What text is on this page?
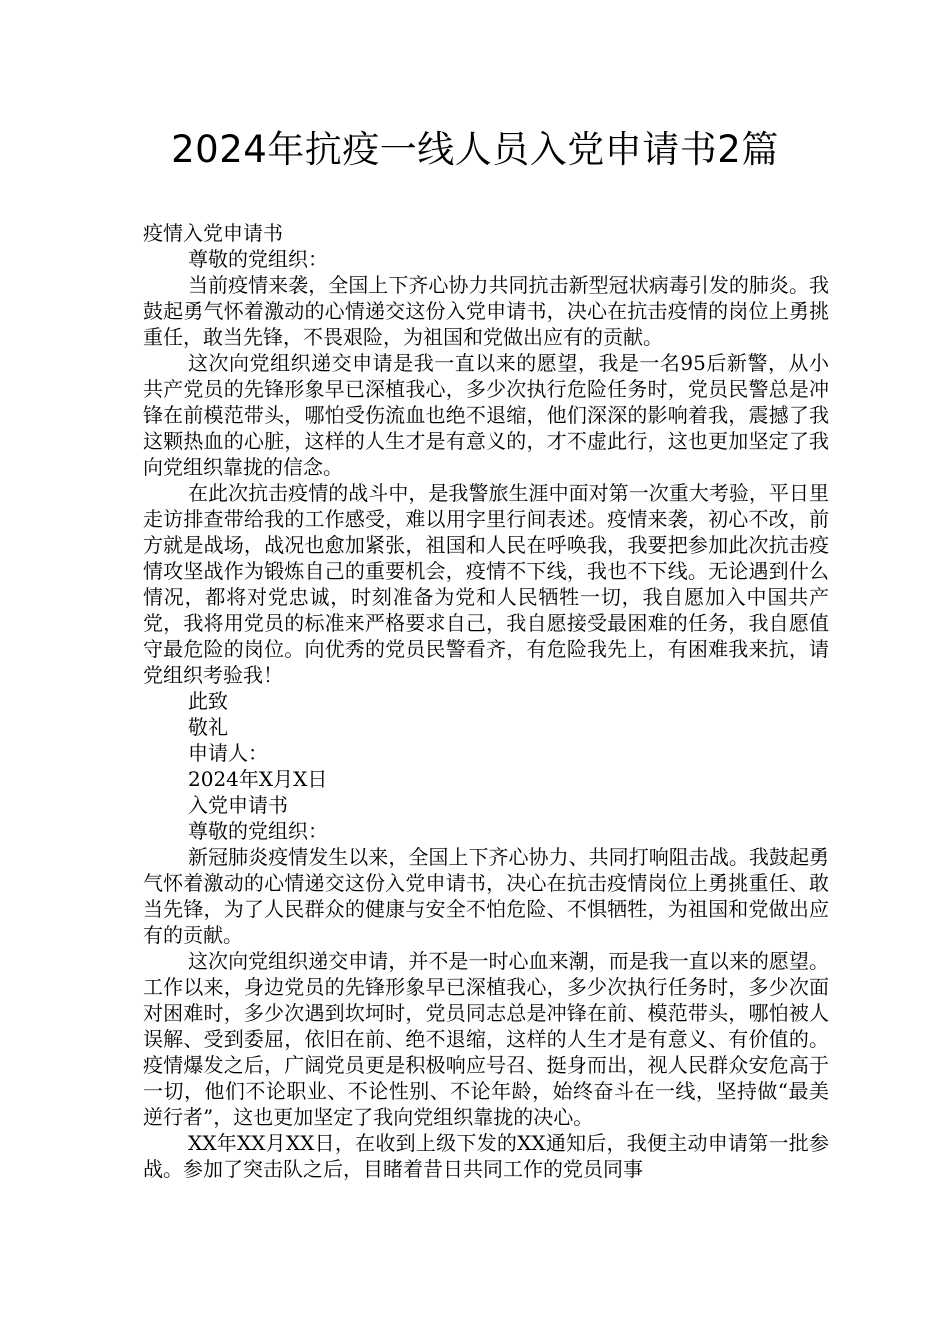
2024年抗疫一线人员入党申请书2篇

疫情入党申请书

尊敬的党组织：

当前疫情来袭，全国上下齐心协力共同抗击新型冠状病毒引发的肺炎。我鼓起勇气怀着激动的心情递交这份入党申请书，决心在抗击疫情的岗位上勇挑重任，敢当先锋，不畏艰险，为祖国和党做出应有的贡献。

这次向党组织递交申请是我一直以来的愿望，我是一名95后新警，从小共产党员的先锋形象早已深植我心，多少次执行危险任务时，党员民警总是冲锋在前模范带头，哪怕受伤流血也绝不退缩，他们深深的影响着我，震撼了我这颗热血的心脏，这样的人生才是有意义的，才不虚此行，这也更加坚定了我向党组织靠拢的信念。

在此次抗击疫情的战斗中，是我警旅生涯中面对第一次重大考验，平日里走访排查带给我的工作感受，难以用字里行间表述。疫情来袭，初心不改，前方就是战场，战况也愈加紧张，祖国和人民在呼唤我，我要把参加此次抗击疫情攻坚战作为锻炼自己的重要机会，疫情不下线，我也不下线。无论遇到什么情况，都将对党忠诚，时刻准备为党和人民牺牲一切，我自愿加入中国共产党，我将用党员的标准来严格要求自己，我自愿接受最困难的任务，我自愿值守最危险的岗位。向优秀的党员民警看齐，有危险我先上，有困难我来抗，请党组织考验我！

此致

敬礼

申请人：

2024年X月X日

入党申请书

尊敬的党组织：

新冠肺炎疫情发生以来，全国上下齐心协力、共同打响阻击战。我鼓起勇气怀着激动的心情递交这份入党申请书，决心在抗击疫情岗位上勇挑重任、敢当先锋，为了人民群众的健康与安全不怕危险、不惧牺牲，为祖国和党做出应有的贡献。

这次向党组织递交申请，并不是一时心血来潮，而是我一直以来的愿望。工作以来，身边党员的先锋形象早已深植我心，多少次执行任务时，多少次面对困难时，多少次遇到坎坷时，党员同志总是冲锋在前、模范带头，哪怕被人误解、受到委屈，依旧在前、绝不退缩，这样的人生才是有意义、有价值的。疫情爆发之后，广阔党员更是积极响应号召、挺身而出，视人民群众安危高于一切，他们不论职业、不论性别、不论年龄，始终奋斗在一线，坚持做“最美逆行者”，这也更加坚定了我向党组织靠拢的决心。

XX年XX月XX日，在收到上级下发的XX通知后，我便主动申请第一批参战。参加了突击队之后，目睹着昔日共同工作的党员同事
